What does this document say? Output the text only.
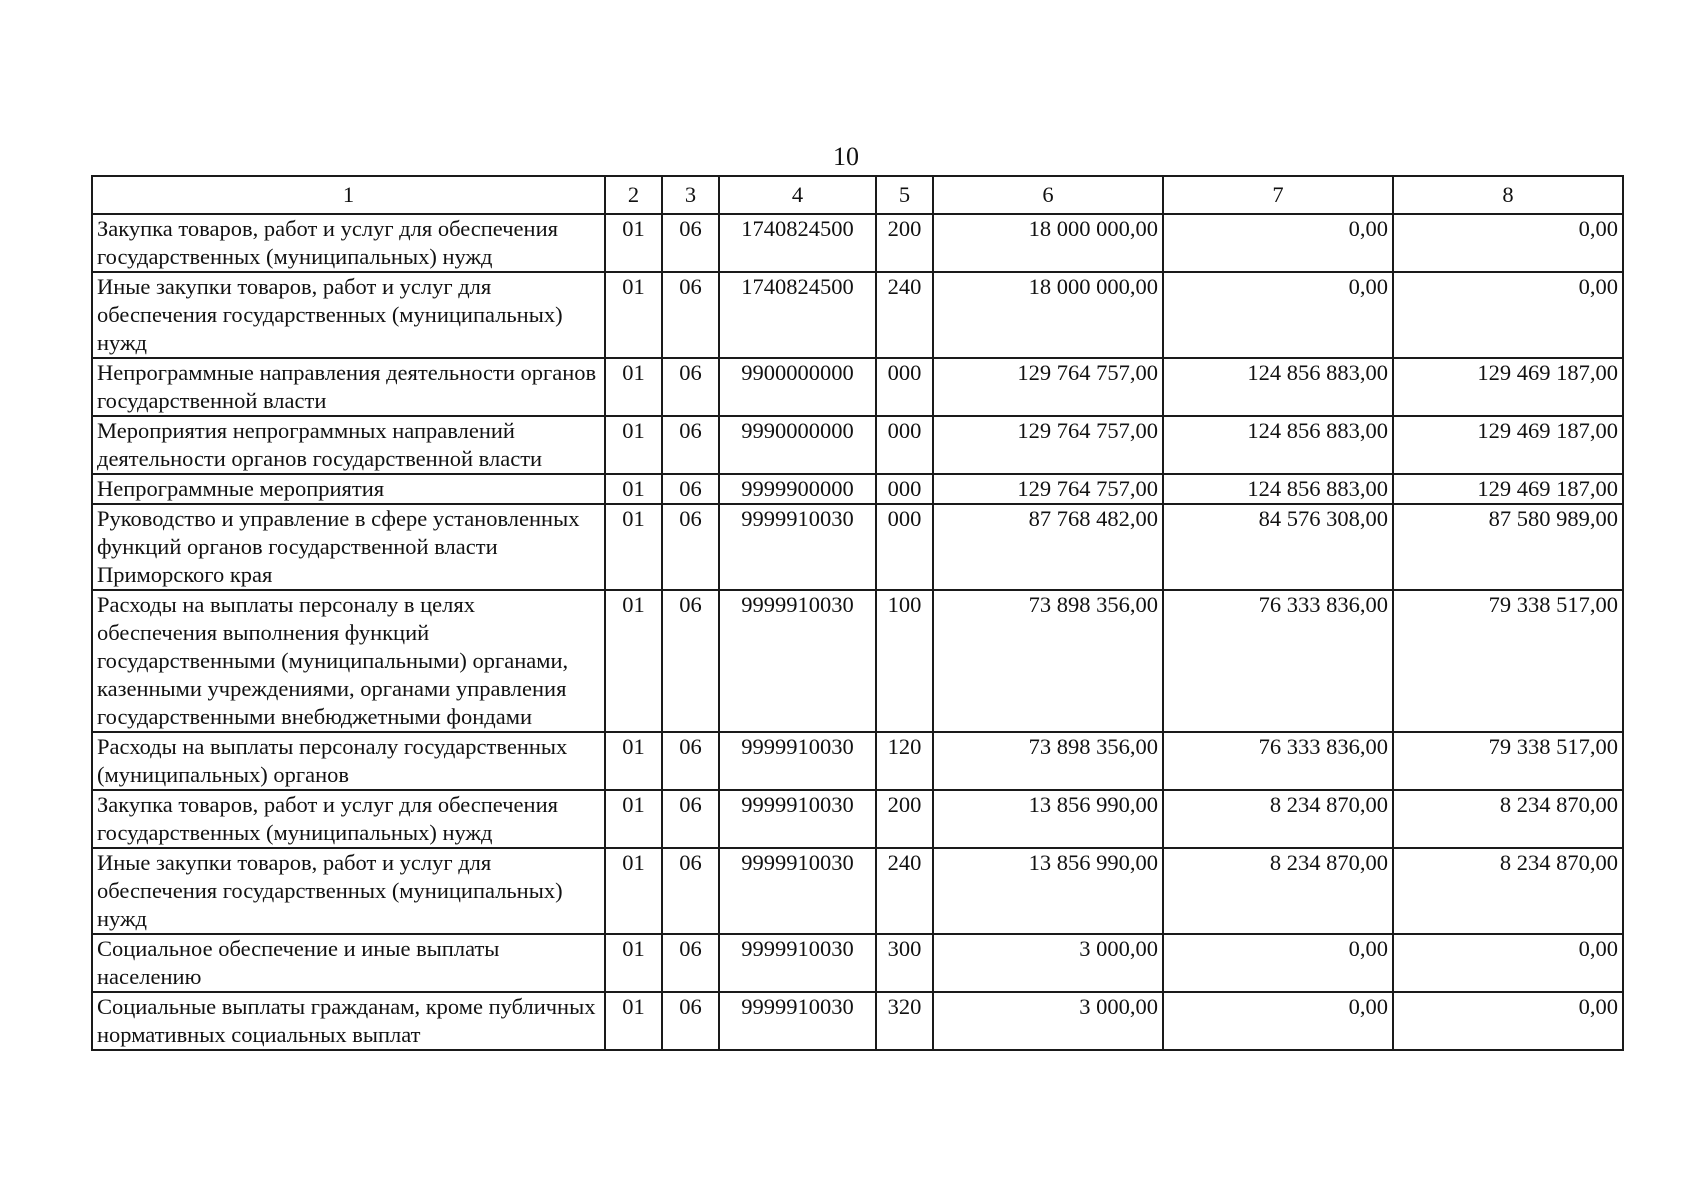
10
1	2	3	4	5	6	7	8
Закупка товаров, работ и услуг для обеспечения государственных (муниципальных) нужд	01	06	1740824500	200	18 000 000,00	0,00	0,00
Иные закупки товаров, работ и услуг для обеспечения государственных (муниципальных) нужд	01	06	1740824500	240	18 000 000,00	0,00	0,00
Непрограммные направления деятельности органов государственной власти	01	06	9900000000	000	129 764 757,00	124 856 883,00	129 469 187,00
Мероприятия непрограммных направлений деятельности органов государственной власти	01	06	9990000000	000	129 764 757,00	124 856 883,00	129 469 187,00
Непрограммные мероприятия	01	06	9999900000	000	129 764 757,00	124 856 883,00	129 469 187,00
Руководство и управление в сфере установленных функций органов государственной власти Приморского края	01	06	9999910030	000	87 768 482,00	84 576 308,00	87 580 989,00
Расходы на выплаты персоналу в целях обеспечения выполнения функций государственными (муниципальными) органами, казенными учреждениями, органами управления государственными внебюджетными фондами	01	06	9999910030	100	73 898 356,00	76 333 836,00	79 338 517,00
Расходы на выплаты персоналу государственных (муниципальных) органов	01	06	9999910030	120	73 898 356,00	76 333 836,00	79 338 517,00
Закупка товаров, работ и услуг для обеспечения государственных (муниципальных) нужд	01	06	9999910030	200	13 856 990,00	8 234 870,00	8 234 870,00
Иные закупки товаров, работ и услуг для обеспечения государственных (муниципальных) нужд	01	06	9999910030	240	13 856 990,00	8 234 870,00	8 234 870,00
Социальное обеспечение и иные выплаты населению	01	06	9999910030	300	3 000,00	0,00	0,00
Социальные выплаты гражданам, кроме публичных нормативных социальных выплат	01	06	9999910030	320	3 000,00	0,00	0,00
